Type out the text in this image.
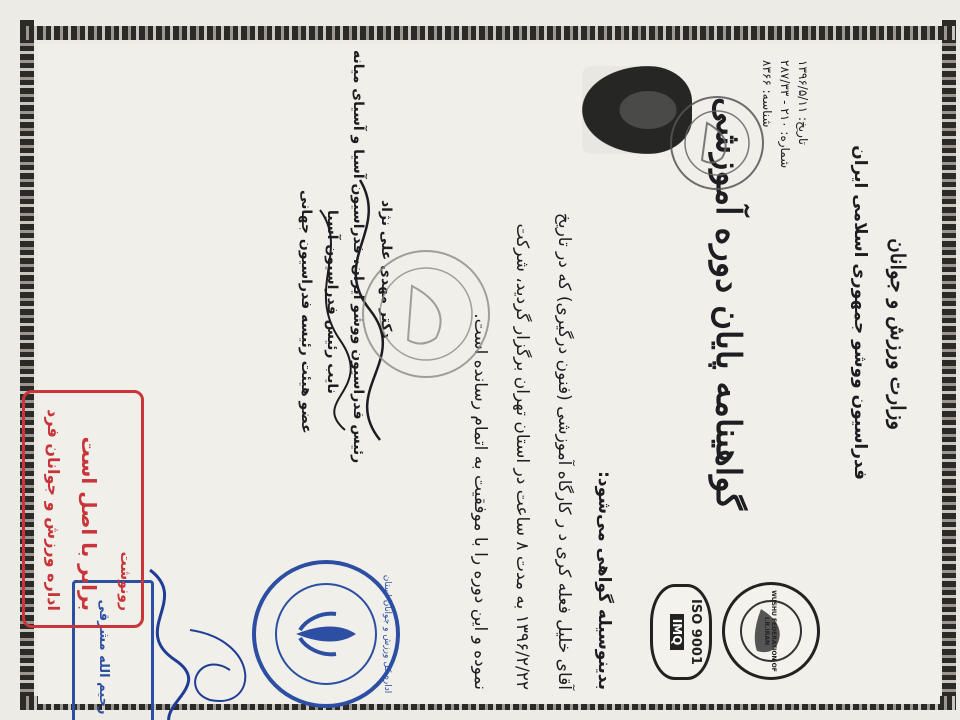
وزارت ورزش و جوانان
فدراسیون ووشو جمهوری اسلامی ایران
تاریخ: ۱۳۹۶/۵/۱۱
شماره: ۲۱۰ - ۲۸۷/۳۳
شناسه: ۸۳۶۶
WUSHU FEDERATION OF I.R.IRAN
ISO 9001
IMQ
گواهینامه پایان دوره آموزشی
بدینوسیله گواهی می‌شود:
آقای خلیل فعله کری د ر کارگاه آموزشی (فنون درگیری) که در تاریخ
۱۳۹۶/۲/۲۲ به مدت ۸ ساعت در استان تهران برگزار گردید، شرکت
نموده و این دوره را با موفقیت به اتمام رسانده است.
دکتر مهدی علی نژاد
رئیس فدراسیون ووشو ایران، فدراسیون آسیا و آسیای میانه
نایب رئیس فدراسیون آسیا
عضو هیئت رئیسه فدراسیون جهانی
اداره کل ورزش و جوانان استان
رحیم الله مشرقی
رونوشت
برابر با اصل است
اداره ورزش و جوانان فرد
